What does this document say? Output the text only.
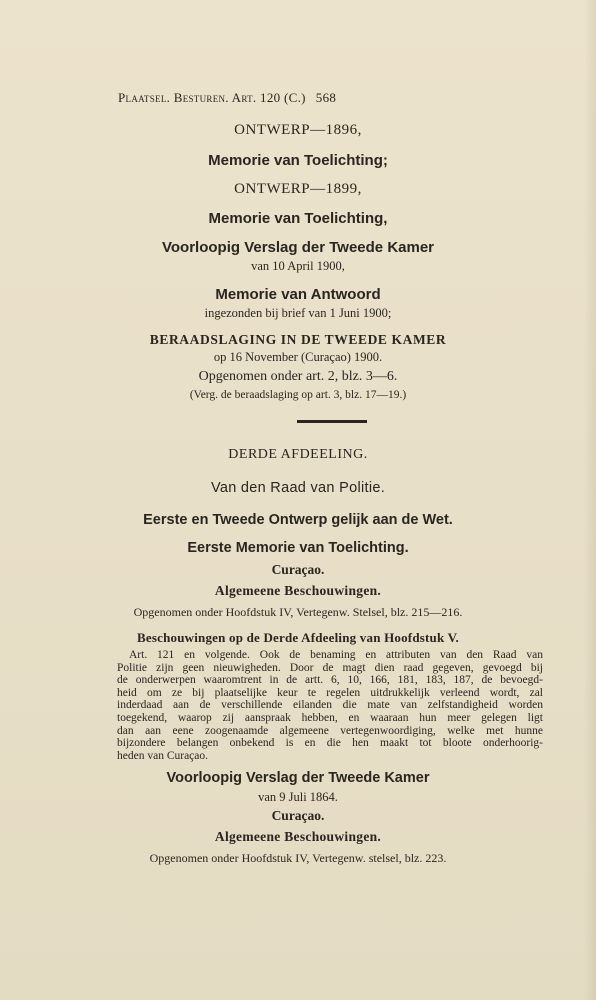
Plaatsel. Besturen. Art. 120 (C.) 568
ONTWERP—1896,
Memorie van Toelichting;
ONTWERP—1899,
Memorie van Toelichting,
Voorloopig Verslag der Tweede Kamer
van 10 April 1900,
Memorie van Antwoord
ingezonden bij brief van 1 Juni 1900;
BERAADSLAGING IN DE TWEEDE KAMER
op 16 November (Curaçao) 1900.
Opgenomen onder art. 2, blz. 3—6.
(Verg. de beraadslaging op art. 3, blz. 17—19.)
DERDE AFDEELING.
Van den Raad van Politie.
Eerste en Tweede Ontwerp gelijk aan de Wet.
Eerste Memorie van Toelichting.
Curaçao.
Algemeene Beschouwingen.
Opgenomen onder Hoofdstuk IV, Vertegenw. Stelsel, blz. 215—216.
Beschouwingen op de Derde Afdeeling van Hoofdstuk V.
Art. 121 en volgende. Ook de benaming en attributen van den Raad van
Politie zijn geen nieuwigheden. Door de magt dien raad gegeven, gevoegd bij
de onderwerpen waaromtrent in de artt. 6, 10, 166, 181, 183, 187, de bevoegd-
heid om ze bij plaatselijke keur te regelen uitdrukkelijk verleend wordt, zal
inderdaad aan de verschillende eilanden die mate van zelfstandigheid worden
toegekend, waarop zij aanspraak hebben, en waaraan hun meer gelegen ligt
dan aan eene zoogenaamde algemeene vertegenwoordiging, welke met hunne
bijzondere belangen onbekend is en die hen maakt tot bloote onderhoorig-
heden van Curaçao.
Voorloopig Verslag der Tweede Kamer
van 9 Juli 1864.
Curaçao.
Algemeene Beschouwingen.
Opgenomen onder Hoofdstuk IV, Vertegenw. stelsel, blz. 223.
